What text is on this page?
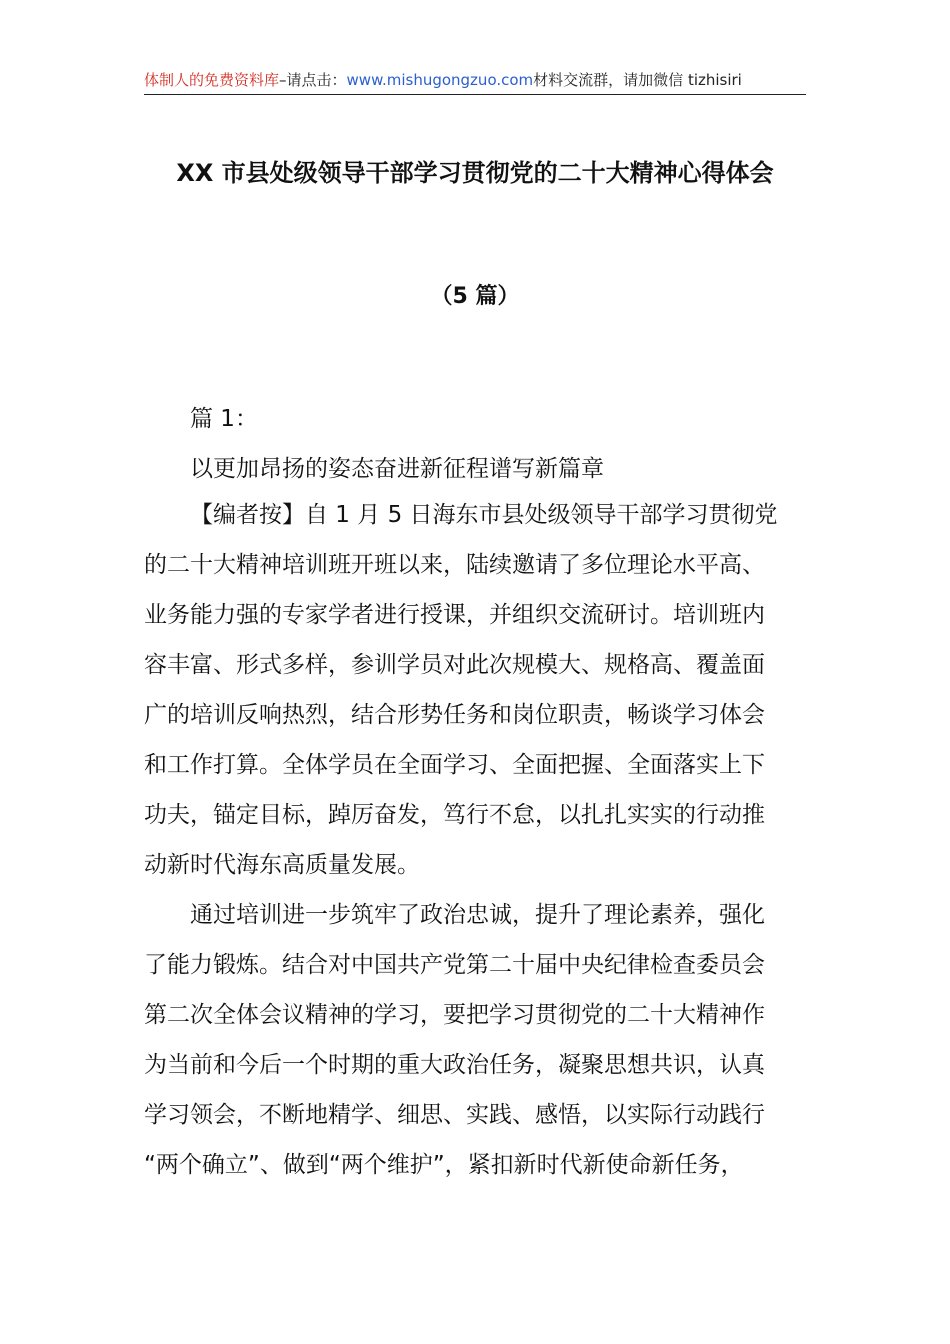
体制人的免费资料库–请点击：www.mishugongzuo.com材料交流群，请加微信 tizhisiri
XX 市县处级领导干部学习贯彻党的二十大精神心得体会
（5 篇）
篇 1：
以更加昂扬的姿态奋进新征程谱写新篇章
【编者按】自 1 月 5 日海东市县处级领导干部学习贯彻党
的二十大精神培训班开班以来，陆续邀请了多位理论水平高、
业务能力强的专家学者进行授课，并组织交流研讨。培训班内
容丰富、形式多样，参训学员对此次规模大、规格高、覆盖面
广的培训反响热烈，结合形势任务和岗位职责，畅谈学习体会
和工作打算。全体学员在全面学习、全面把握、全面落实上下
功夫，锚定目标，踔厉奋发，笃行不怠，以扎扎实实的行动推
动新时代海东高质量发展。
通过培训进一步筑牢了政治忠诚，提升了理论素养，强化
了能力锻炼。结合对中国共产党第二十届中央纪律检查委员会
第二次全体会议精神的学习，要把学习贯彻党的二十大精神作
为当前和今后一个时期的重大政治任务，凝聚思想共识，认真
学习领会，不断地精学、细思、实践、感悟，以实际行动践行
“两个确立”、做到“两个维护”，紧扣新时代新使命新任务，
